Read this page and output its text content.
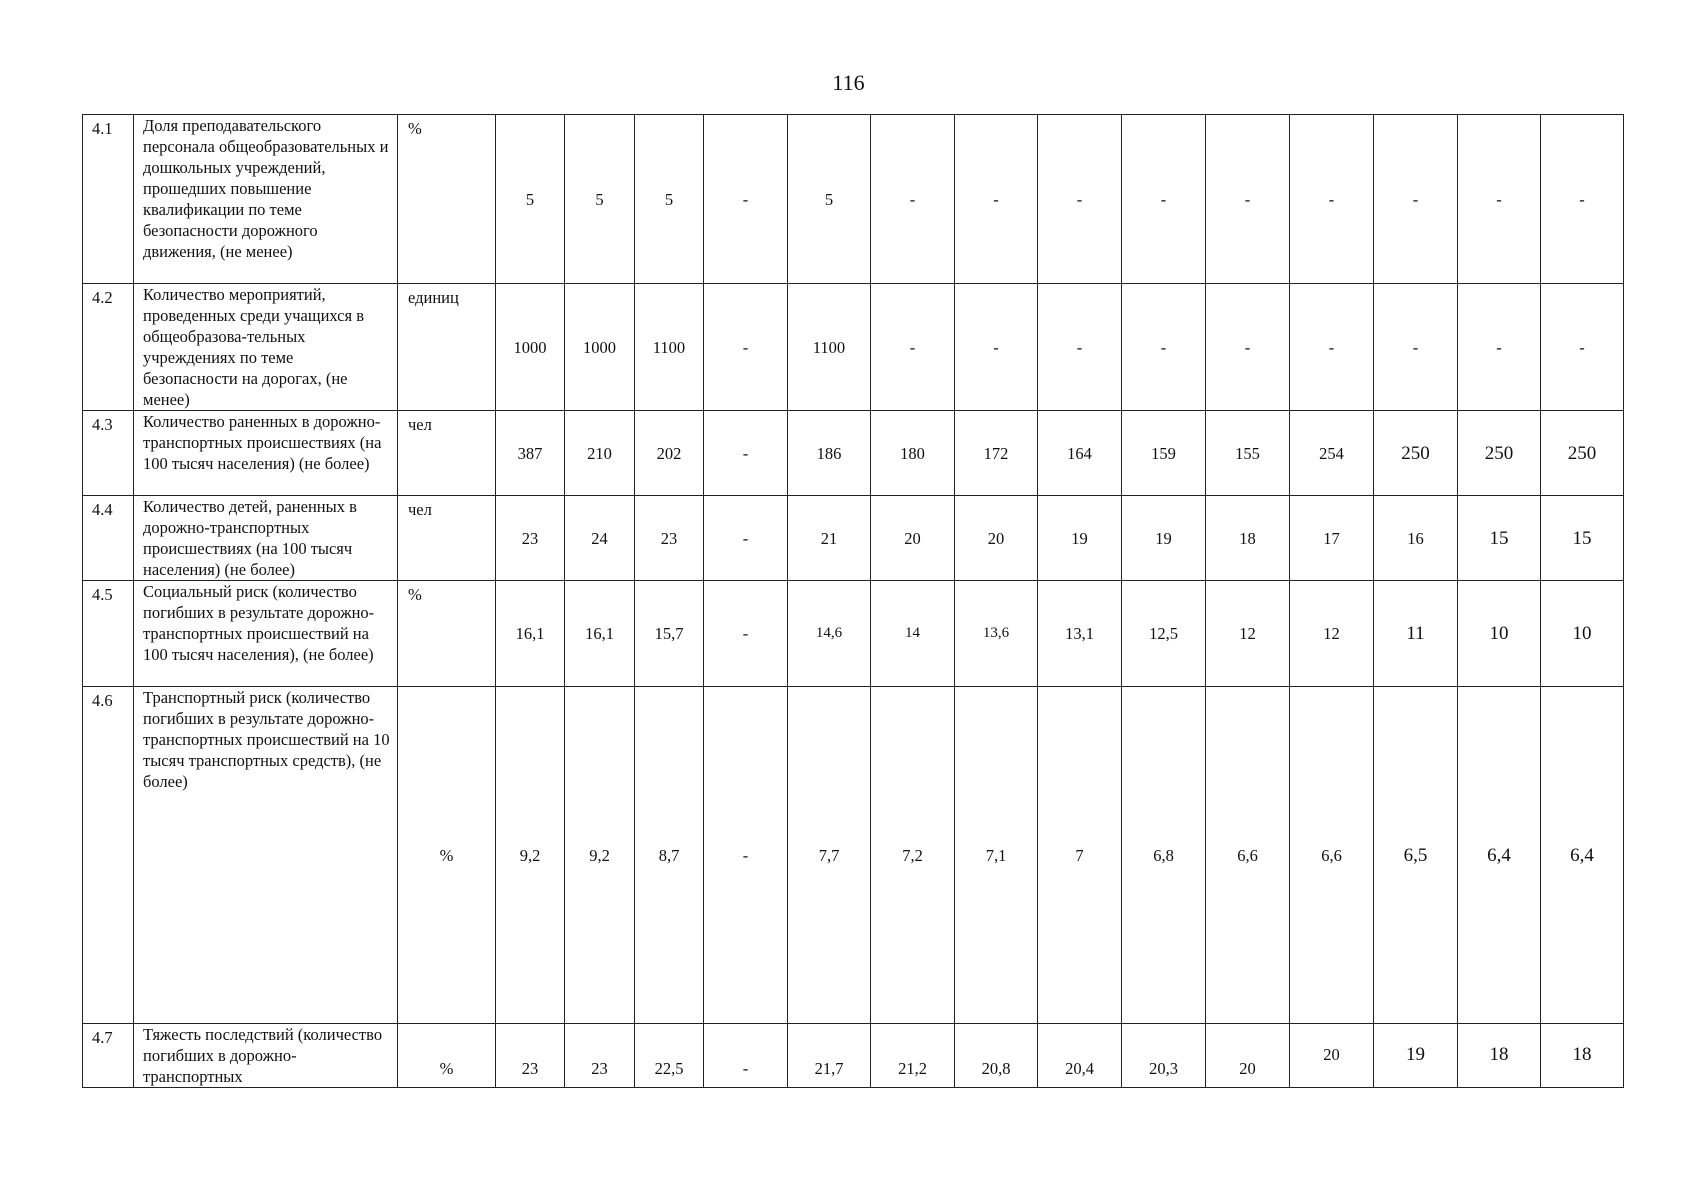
116
4.1	Доля преподавательского персонала общеобразовательных и дошкольных учреждений, прошедших повышение квалификации по теме безопасности дорожного движения, (не менее)	%	5	5	5	-	5	-	-	-	-	-	-	-	-	-
4.2	Количество мероприятий, проведенных среди учащихся в общеобразова-тельных учреждениях по теме безопасности на дорогах, (не менее)	единиц	1000	1000	1100	-	1100	-	-	-	-	-	-	-	-	-
4.3	Количество раненных в дорожно-транспортных происшествиях (на 100 тысяч населения) (не более)	чел	387	210	202	-	186	180	172	164	159	155	254	250	250	250
4.4	Количество детей, раненных в дорожно-транспортных происшествиях (на 100 тысяч населения) (не более)	чел	23	24	23	-	21	20	20	19	19	18	17	16	15	15
4.5	Социальный риск (количество погибших в результате дорожно-транспортных происшествий на 100 тысяч населения), (не более)	%	16,1	16,1	15,7	-	14,6	14	13,6	13,1	12,5	12	12	11	10	10
4.6	Транспортный риск (количество погибших в результате дорожно-транспортных происшествий на 10 тысяч транспортных средств), (не более)	%	9,2	9,2	8,7	-	7,7	7,2	7,1	7	6,8	6,6	6,6	6,5	6,4	6,4
4.7	Тяжесть последствий (количество погибших в дорожно-транспортных	%	23	23	22,5	-	21,7	21,2	20,8	20,4	20,3	20	20	19	18	18
